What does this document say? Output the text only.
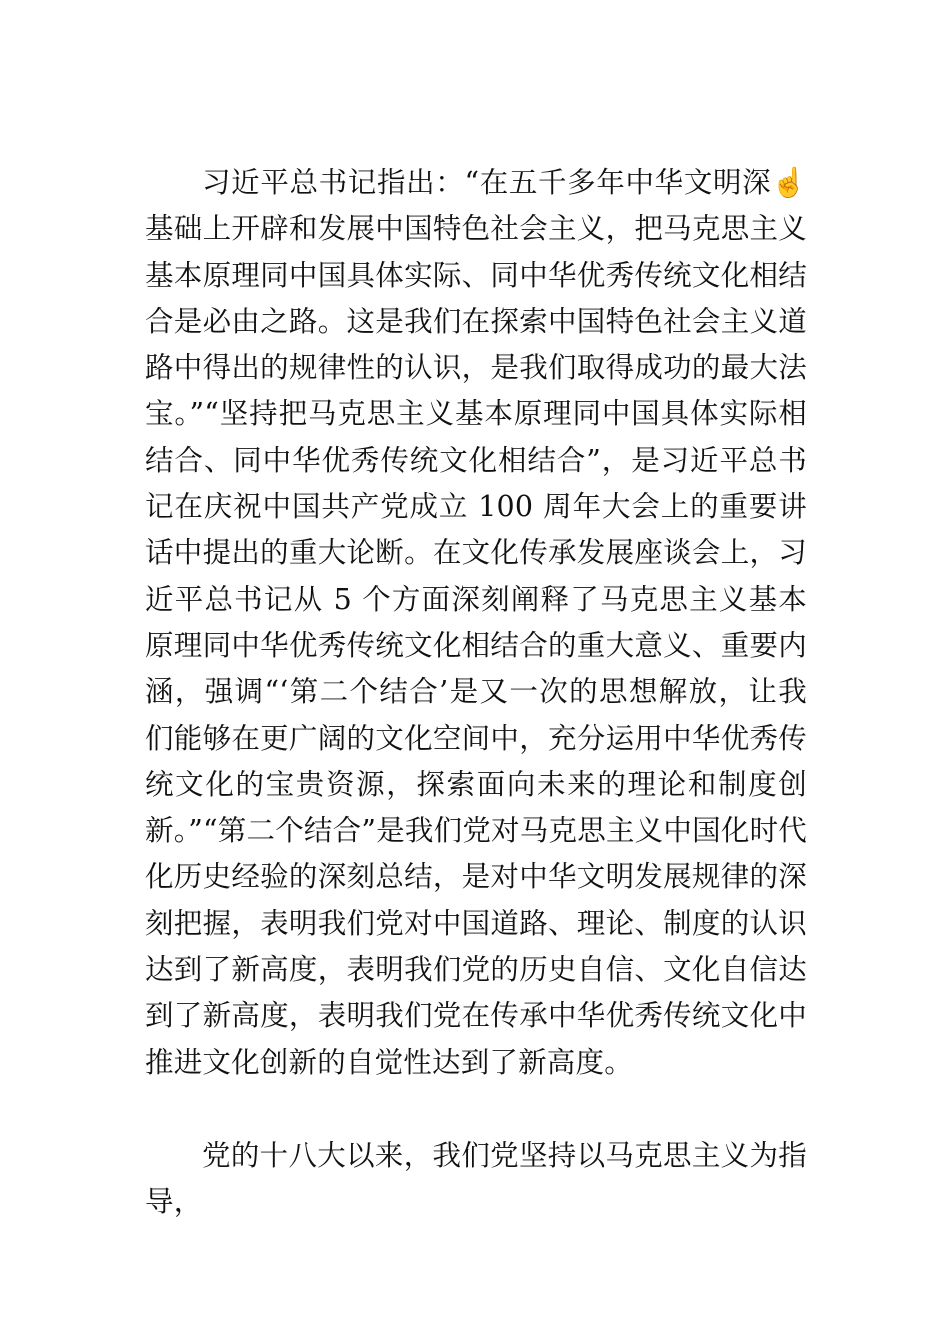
习近平总书记指出：“在五千多年中华文明深☝基础上开辟和发展中国特色社会主义，把马克思主义基本原理同中国具体实际、同中华优秀传统文化相结合是必由之路。这是我们在探索中国特色社会主义道路中得出的规律性的认识，是我们取得成功的最大法宝。”“坚持把马克思主义基本原理同中国具体实际相结合、同中华优秀传统文化相结合”，是习近平总书记在庆祝中国共产党成立 100 周年大会上的重要讲话中提出的重大论断。在文化传承发展座谈会上，习近平总书记从 5 个方面深刻阐释了马克思主义基本原理同中华优秀传统文化相结合的重大意义、重要内涵，强调“‘第二个结合’是又一次的思想解放，让我们能够在更广阔的文化空间中，充分运用中华优秀传统文化的宝贵资源，探索面向未来的理论和制度创新。”“第二个结合”是我们党对马克思主义中国化时代化历史经验的深刻总结，是对中华文明发展规律的深刻把握，表明我们党对中国道路、理论、制度的认识达到了新高度，表明我们党的历史自信、文化自信达到了新高度，表明我们党在传承中华优秀传统文化中推进文化创新的自觉性达到了新高度。

党的十八大以来，我们党坚持以马克思主义为指导，
